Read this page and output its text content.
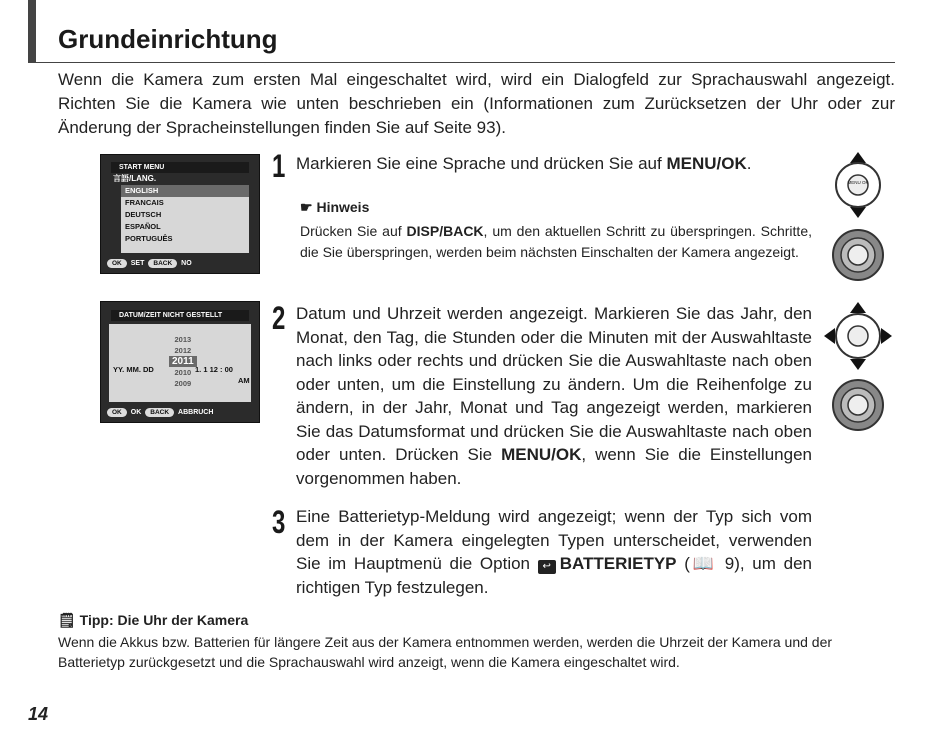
Grundeinrichtung

Wenn die Kamera zum ersten Mal eingeschaltet wird, wird ein Dialogfeld zur Sprachauswahl angezeigt. Richten Sie die Kamera wie unten beschrieben ein (Informationen zum Zurücksetzen der Uhr oder zur Änderung der Spracheinstellungen finden Sie auf Seite 93).

START MENU
言語/LANG.
ENGLISH
FRANCAIS
DEUTSCH
ESPAÑOL
PORTUGUÊS
OK	SET	BACK	NO
DATUM/ZEIT NICHT GESTELLT
2013
2012
2011
2010
2009
YY. MM. DD	1. 1 12 : 00
AM
OK	OK	BACK	ABBRUCH
1 Markieren Sie eine Sprache und drücken Sie auf MENU/OK.

☛ Hinweis

Drücken Sie auf DISP/BACK, um den aktuellen Schritt zu überspringen. Schritte, die Sie überspringen, werden beim nächsten Einschalten der Kamera angezeigt.

2 Datum und Uhrzeit werden angezeigt. Markieren Sie das Jahr, den Monat, den Tag, die Stunden oder die Minuten mit der Auswahltaste nach links oder rechts und drücken Sie die Auswahltaste nach oben oder unten, um die Einstellung zu ändern. Um die Reihenfolge zu ändern, in der Jahr, Monat und Tag angezeigt werden, markieren Sie das Datumsformat und drücken Sie die Auswahltaste nach oben oder unten. Drücken Sie MENU/OK, wenn Sie die Einstellungen vorgenommen haben.

3 Eine Batterietyp-Meldung wird angezeigt; wenn der Typ sich vom dem in der Kamera eingelegten Typen unterscheidet, verwenden Sie im Hauptmenü die Option ↩ BATTERIETYP (📖 9), um den richtigen Typ festzulegen.

MENU OK
🗒 Tipp: Die Uhr der Kamera

Wenn die Akkus bzw. Batterien für längere Zeit aus der Kamera entnommen werden, werden die Uhrzeit der Kamera und der Batterietyp zurückgesetzt und die Sprachauswahl wird anzeigt, wenn die Kamera eingeschaltet wird.

14
